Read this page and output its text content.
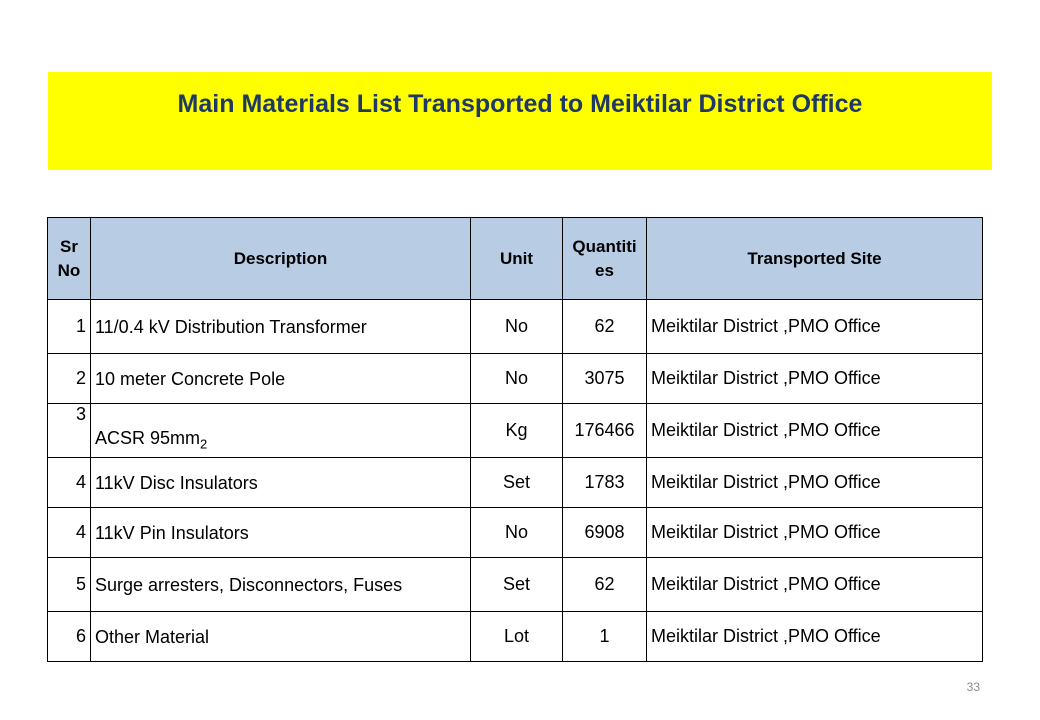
Main Materials List Transported to Meiktilar District Office
Sr No	Description	Unit	Quantiti es	Transported Site
1	11/0.4 kV Distribution Transformer	No	62	Meiktilar District ,PMO Office
2	10 meter Concrete Pole	No	3075	Meiktilar District ,PMO Office
3	ACSR $95mm_2$	Kg	176466	Meiktilar District ,PMO Office
4	11kV Disc Insulators	Set	1783	Meiktilar District ,PMO Office
4	11kV Pin Insulators	No	6908	Meiktilar District ,PMO Office
5	Surge arresters, Disconnectors, Fuses	Set	62	Meiktilar District ,PMO Office
6	Other Material	Lot	1	Meiktilar District ,PMO Office
33
